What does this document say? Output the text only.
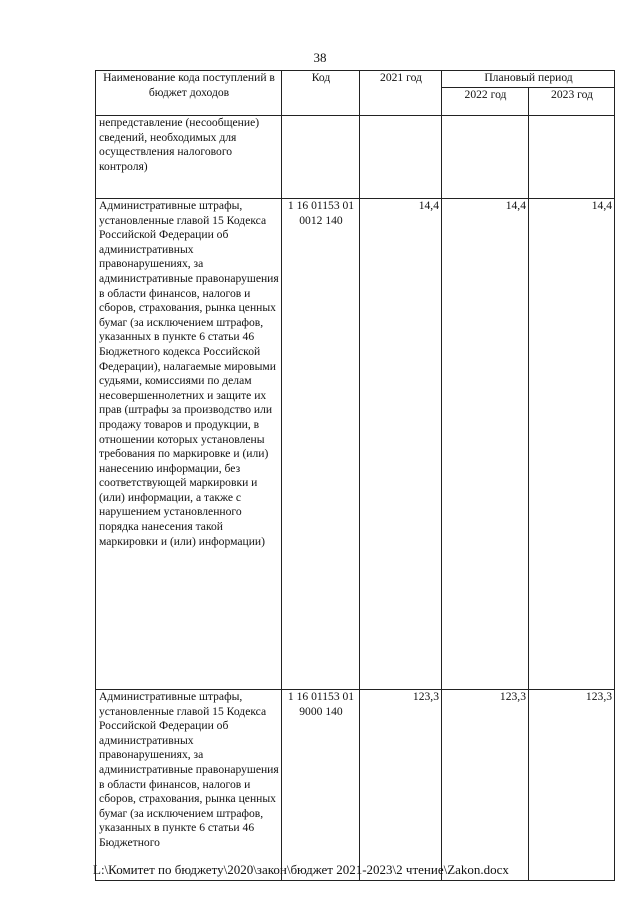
38
Наименование кода поступлений в бюджет доходов	Код	2021 год	Плановый период	
			2022 год	2023 год
непредставление (несообщение) сведений, необходимых для осуществления налогового контроля)				
Административные штрафы, установленные главой 15 Кодекса Российской Федерации об административных правонарушениях, за административные правонарушения в области финансов, налогов и сборов, страхования, рынка ценных бумаг (за исключением штрафов, указанных в пункте 6 статьи 46 Бюджетного кодекса Российской Федерации), налагаемые мировыми судьями, комиссиями по делам несовершеннолетних и защите их прав (штрафы за производство или продажу товаров и продукции, в отношении которых установлены требования по маркировке и (или) нанесению информации, без соответствующей маркировки и (или) информации, а также с нарушением установленного порядка нанесения такой маркировки и (или) информации)	1 16 01153 01 0012 140	14,4	14,4	14,4
Административные штрафы, установленные главой 15 Кодекса Российской Федерации об административных правонарушениях, за административные правонарушения в области финансов, налогов и сборов, страхования, рынка ценных бумаг (за исключением штрафов, указанных в пункте 6 статьи 46 Бюджетного	1 16 01153 01 9000 140	123,3	123,3	123,3
L:\Комитет по бюджету\2020\закон\бюджет 2021-2023\2 чтение\Zakon.docx
